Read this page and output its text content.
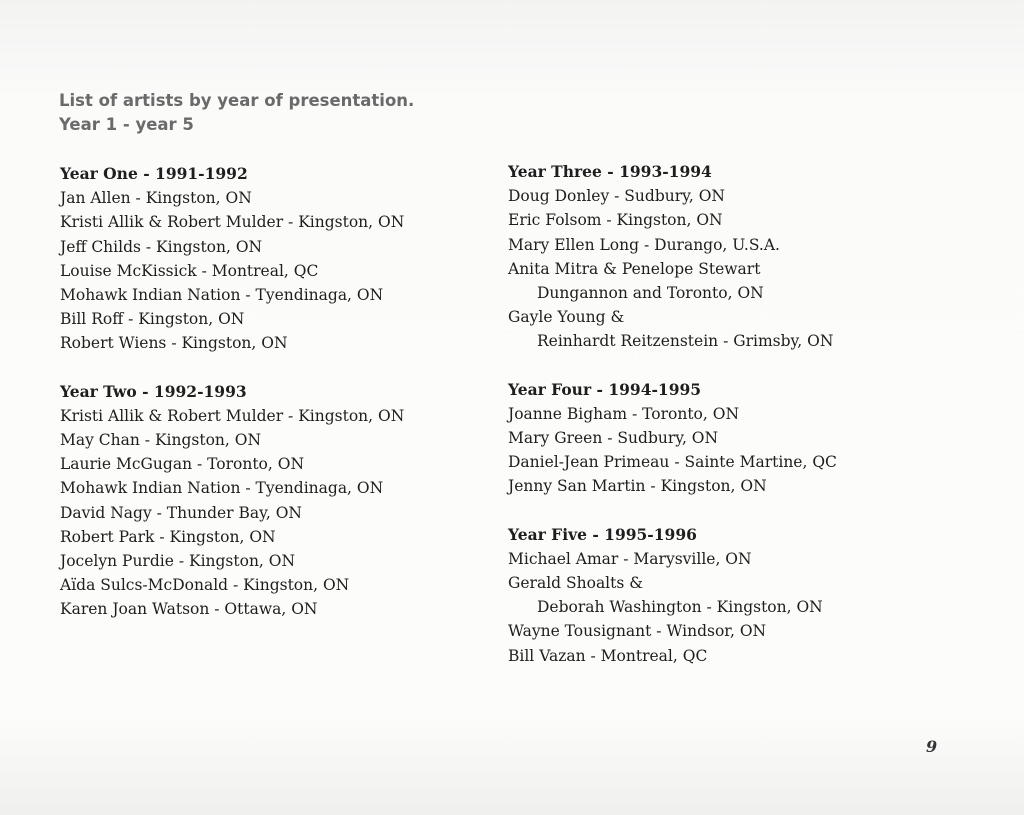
List of artists by year of presentation.
Year 1 - year 5
Year One - 1991-1992
Jan Allen - Kingston, ON
Kristi Allik & Robert Mulder - Kingston, ON
Jeff Childs - Kingston, ON
Louise McKissick - Montreal, QC
Mohawk Indian Nation - Tyendinaga, ON
Bill Roff - Kingston, ON
Robert Wiens - Kingston, ON
Year Two - 1992-1993
Kristi Allik & Robert Mulder - Kingston, ON
May Chan - Kingston, ON
Laurie McGugan - Toronto, ON
Mohawk Indian Nation - Tyendinaga, ON
David Nagy - Thunder Bay, ON
Robert Park - Kingston, ON
Jocelyn Purdie - Kingston, ON
Aïda Sulcs-McDonald - Kingston, ON
Karen Joan Watson - Ottawa, ON
Year Three - 1993-1994
Doug Donley - Sudbury, ON
Eric Folsom - Kingston, ON
Mary Ellen Long - Durango, U.S.A.
Anita Mitra & Penelope Stewart
Dungannon and Toronto, ON
Gayle Young &
Reinhardt Reitzenstein - Grimsby, ON
Year Four - 1994-1995
Joanne Bigham - Toronto, ON
Mary Green - Sudbury, ON
Daniel-Jean Primeau - Sainte Martine, QC
Jenny San Martin - Kingston, ON
Year Five - 1995-1996
Michael Amar - Marysville, ON
Gerald Shoalts &
Deborah Washington - Kingston, ON
Wayne Tousignant - Windsor, ON
Bill Vazan - Montreal, QC
9
